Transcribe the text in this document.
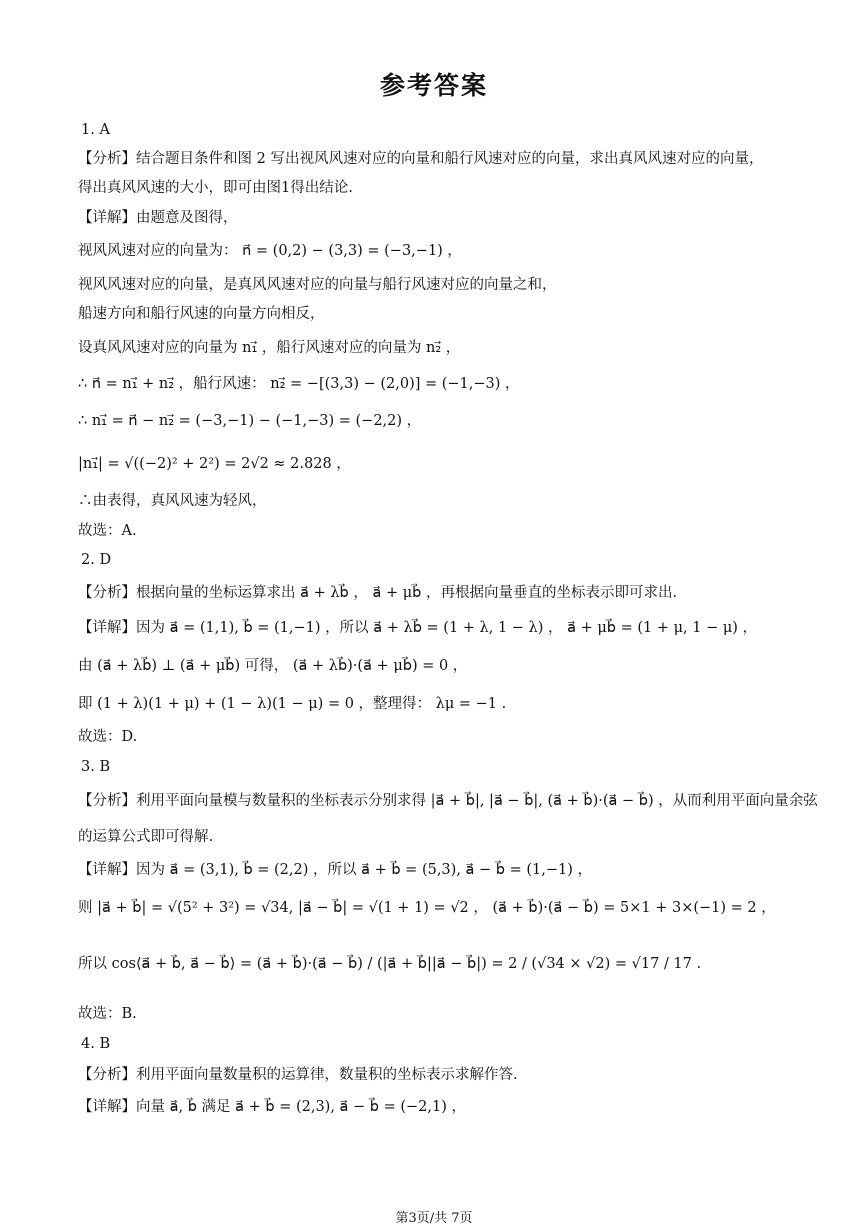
参考答案
1. A
【分析】结合题目条件和图 2 写出视风风速对应的向量和船行风速对应的向量，求出真风风速对应的向量，
得出真风风速的大小，即可由图1得出结论.
【详解】由题意及图得，
视风风速对应的向量为： n⃗ = (0,2) − (3,3) = (−3,−1) ，
视风风速对应的向量，是真风风速对应的向量与船行风速对应的向量之和，
船速方向和船行风速的向量方向相反，
设真风风速对应的向量为 n₁⃗ ，船行风速对应的向量为 n₂⃗ ，
∴ n⃗ = n₁⃗ + n₂⃗ ，船行风速： n₂⃗ = −[(3,3) − (2,0)] = (−1,−3) ，
∴ n₁⃗ = n⃗ − n₂⃗ = (−3,−1) − (−1,−3) = (−2,2) ，
|n₁⃗| = √((−2)² + 2²) = 2√2 ≈ 2.828 ，
∴由表得，真风风速为轻风，
故选：A.
2. D
【分析】根据向量的坐标运算求出 a⃗ + λb⃗ ， a⃗ + μb⃗ ，再根据向量垂直的坐标表示即可求出.
【详解】因为 a⃗ = (1,1), b⃗ = (1,−1) ，所以 a⃗ + λb⃗ = (1 + λ, 1 − λ) ， a⃗ + μb⃗ = (1 + μ, 1 − μ) ，
由 (a⃗ + λb⃗) ⊥ (a⃗ + μb⃗) 可得， (a⃗ + λb⃗)·(a⃗ + μb⃗) = 0 ，
即 (1 + λ)(1 + μ) + (1 − λ)(1 − μ) = 0 ，整理得： λμ = −1 .
故选：D.
3. B
【分析】利用平面向量模与数量积的坐标表示分别求得 |a⃗ + b⃗|, |a⃗ − b⃗|, (a⃗ + b⃗)·(a⃗ − b⃗) ，从而利用平面向量余弦
的运算公式即可得解.
【详解】因为 a⃗ = (3,1), b⃗ = (2,2) ，所以 a⃗ + b⃗ = (5,3), a⃗ − b⃗ = (1,−1) ，
则 |a⃗ + b⃗| = √(5² + 3²) = √34, |a⃗ − b⃗| = √(1 + 1) = √2 ， (a⃗ + b⃗)·(a⃗ − b⃗) = 5×1 + 3×(−1) = 2 ，
所以 cos⟨a⃗ + b⃗, a⃗ − b⃗⟩ = (a⃗ + b⃗)·(a⃗ − b⃗) / (|a⃗ + b⃗||a⃗ − b⃗|) = 2 / (√34 × √2) = √17 / 17 .
故选：B.
4. B
【分析】利用平面向量数量积的运算律，数量积的坐标表示求解作答.
【详解】向量 a⃗, b⃗ 满足 a⃗ + b⃗ = (2,3), a⃗ − b⃗ = (−2,1) ，
第3页/共 7页
